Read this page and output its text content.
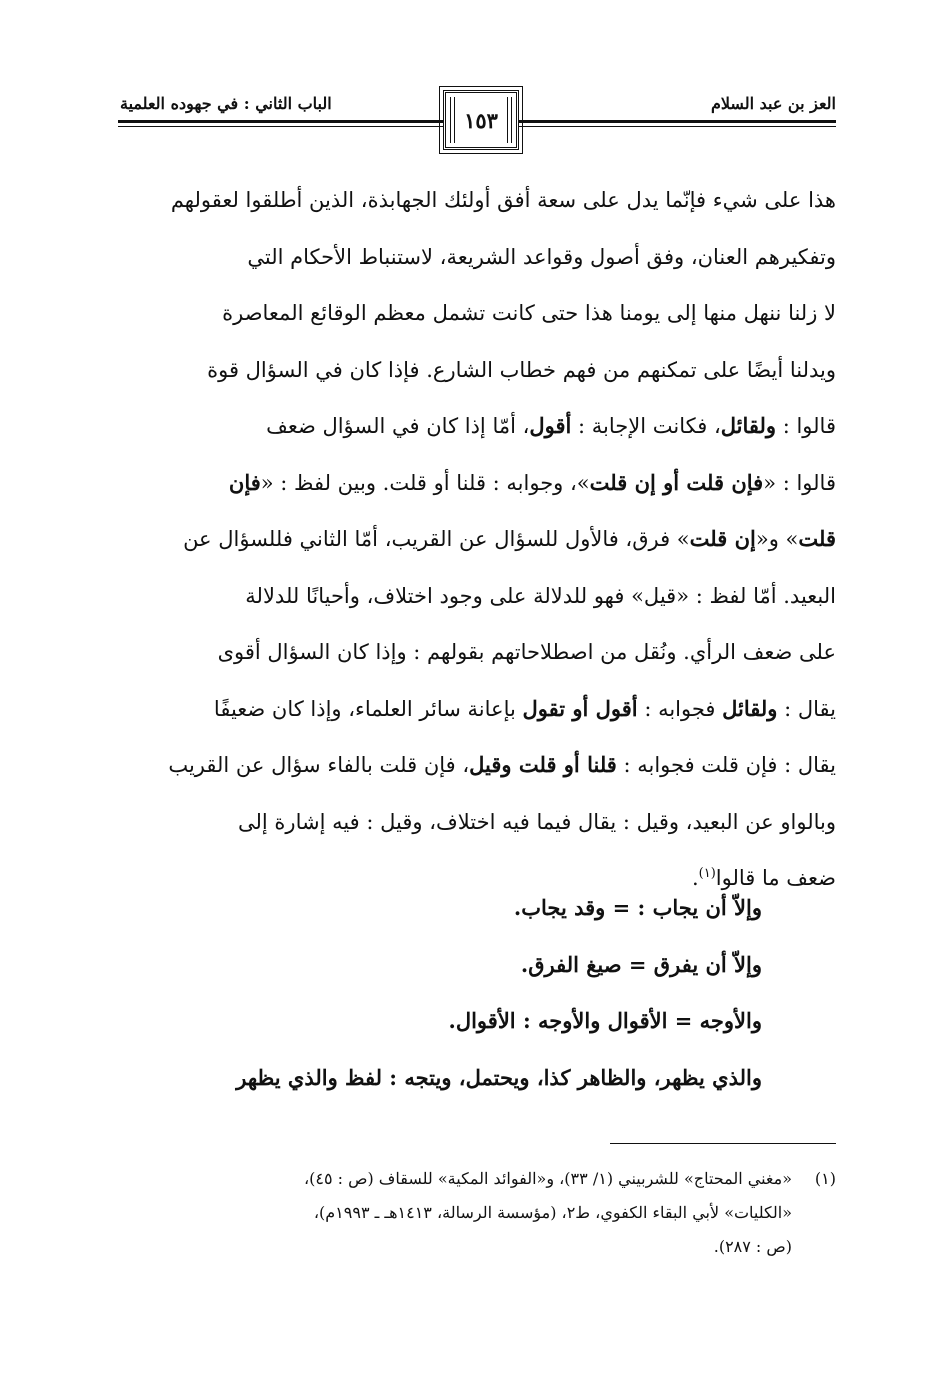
العز بن عبد السلام
الباب الثاني : في جهوده العلمية
١٥٣

هذا على شيء فإنّما يدل على سعة أفق أولئك الجهابذة، الذين أطلقوا لعقولهم

وتفكيرهم العنان، وفق أصول وقواعد الشريعة، لاستنباط الأحكام التي

لا زلنا ننهل منها إلى يومنا هذا حتى كانت تشمل معظم الوقائع المعاصرة

ويدلنا أيضًا على تمكنهم من فهم خطاب الشارع. فإذا كان في السؤال قوة

قالوا : ولقائل، فكانت الإجابة : أقول، أمّا إذا كان في السؤال ضعف

قالوا : «فإن قلت أو إن قلت»، وجوابه : قلنا أو قلت. وبين لفظ : «فإن

قلت» و«إن قلت» فرق، فالأول للسؤال عن القريب، أمّا الثاني فللسؤال عن

البعيد. أمّا لفظ : «قيل» فهو للدلالة على وجود اختلاف، وأحيانًا للدلالة

على ضعف الرأي. ونُقل من اصطلاحاتهم بقولهم : وإذا كان السؤال أقوى

يقال : ولقائل فجوابه : أقول أو تقول بإعانة سائر العلماء، وإذا كان ضعيفًا

يقال : فإن قلت فجوابه : قلنا أو قلت وقيل، فإن قلت بالفاء سؤال عن القريب

وبالواو عن البعيد، وقيل : يقال فيما فيه اختلاف، وقيل : فيه إشارة إلى

ضعف ما قالوا$^{(١)}$.

وإلاّ أن يجاب : = وقد يجاب.

وإلاّ أن يفرق = صيغ الفرق.

والأوجه = الأقوال والأوجه : الأقوال.

والذي يظهر، والظاهر كذا، ويحتمل، ويتجه : لفظ والذي يظهر

(١)«مغني المحتاج» للشربيني (١/ ٣٣)، و«الفوائد المكية» للسقاف (ص : ٤٥)،
«الكليات» لأبي البقاء الكفوي، ط٢، (مؤسسة الرسالة، ١٤١٣هـ ـ ١٩٩٣م)،
(ص : ٢٨٧).
